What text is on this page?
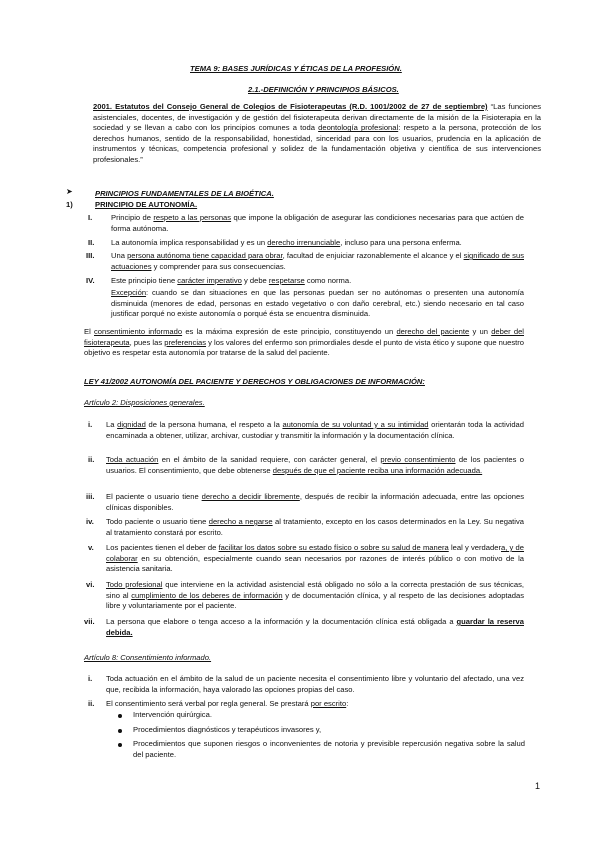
TEMA 9: BASES JURÍDICAS Y ÉTICAS DE LA PROFESIÓN.
2.1.-DEFINICIÓN Y PRINCIPIOS BÁSICOS.
2001. Estatutos del Consejo General de Colegios de Fisioterapeutas (R.D. 1001/2002 de 27 de septiembre) “Las funciones asistenciales, docentes, de investigación y de gestión del fisioterapeuta derivan directamente de la misión de la Fisioterapia en la sociedad y se llevan a cabo con los principios comunes a toda deontología profesional: respeto a la persona, protección de los derechos humanos, sentido de la responsabilidad, honestidad, sinceridad para con los usuarios, prudencia en la aplicación de instrumentos y técnicas, competencia profesional y solidez de la fundamentación objetiva y científica de sus intervenciones profesionales.”
➤	PRINCIPIOS FUNDAMENTALES DE LA BIOÉTICA.
1)	PRINCIPIO DE AUTONOMÍA.
I. Principio de respeto a las personas que impone la obligación de asegurar las condiciones necesarias para que actúen de forma autónoma.
II. La autonomía implica responsabilidad y es un derecho irrenunciable, incluso para una persona enferma.
III. Una persona autónoma tiene capacidad para obrar, facultad de enjuiciar razonablemente el alcance y el significado de sus actuaciones y comprender para sus consecuencias.
IV. Este principio tiene carácter imperativo y debe respetarse como norma.
Excepción: cuando se dan situaciones en que las personas puedan ser no autónomas o presenten una autonomía disminuida (menores de edad, personas en estado vegetativo o con daño cerebral, etc.) siendo necesario en tal caso justificar porqué no existe autonomía o porqué ésta se encuentra disminuida.
El consentimiento informado es la máxima expresión de este principio, constituyendo un derecho del paciente y un deber del fisioterapeuta, pues las preferencias y los valores del enfermo son primordiales desde el punto de vista ético y supone que nuestro objetivo es respetar esta autonomía por tratarse de la salud del paciente.
LEY 41/2002 AUTONOMÍA DEL PACIENTE Y DERECHOS Y OBLIGACIONES DE INFORMACIÓN:
Artículo 2: Disposiciones generales.
i. La dignidad de la persona humana, el respeto a la autonomía de su voluntad y a su intimidad orientarán toda la actividad encaminada a obtener, utilizar, archivar, custodiar y transmitir la información y la documentación clínica.
ii. Toda actuación en el ámbito de la sanidad requiere, con carácter general, el previo consentimiento de los pacientes o usuarios. El consentimiento, que debe obtenerse después de que el paciente reciba una información adecuada.
iii. El paciente o usuario tiene derecho a decidir libremente, después de recibir la información adecuada, entre las opciones clínicas disponibles.
iv. Todo paciente o usuario tiene derecho a negarse al tratamiento, excepto en los casos determinados en la Ley. Su negativa al tratamiento constará por escrito.
v. Los pacientes tienen el deber de facilitar los datos sobre su estado físico o sobre su salud de manera leal y verdadera, y de colaborar en su obtención, especialmente cuando sean necesarios por razones de interés público o con motivo de la asistencia sanitaria.
vi. Todo profesional que interviene en la actividad asistencial está obligado no sólo a la correcta prestación de sus técnicas, sino al cumplimiento de los deberes de información y de documentación clínica, y al respeto de las decisiones adoptadas libre y voluntariamente por el paciente.
vii. La persona que elabore o tenga acceso a la información y la documentación clínica está obligada a guardar la reserva debida.
Artículo 8: Consentimiento informado.
i. Toda actuación en el ámbito de la salud de un paciente necesita el consentimiento libre y voluntario del afectado, una vez que, recibida la información, haya valorado las opciones propias del caso.
ii. El consentimiento será verbal por regla general. Se prestará por escrito:
Intervención quirúrgica.
Procedimientos diagnósticos y terapéuticos invasores y,
Procedimientos que suponen riesgos o inconvenientes de notoria y previsible repercusión negativa sobre la salud del paciente.
1
